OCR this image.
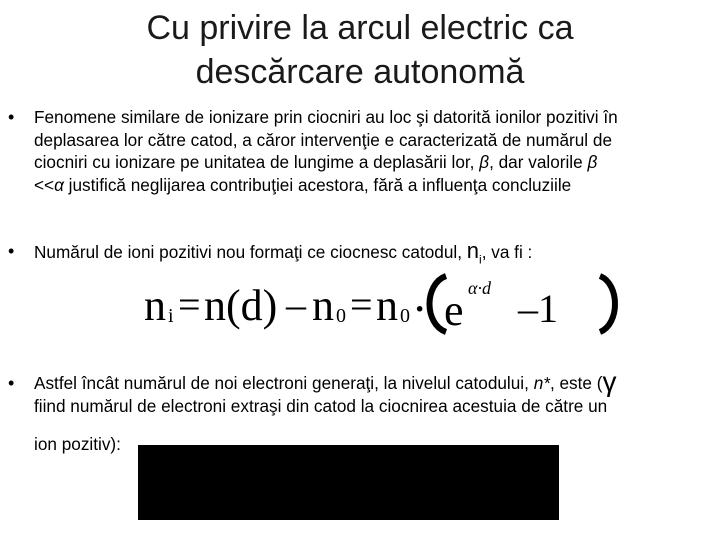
Cu privire la arcul electric ca
descărcare autonomă
• Fenomene similare de ionizare prin ciocniri au loc şi datorită ionilor pozitivi în
deplasarea lor către catod, a căror intervenţie e caracterizată de numărul de
ciocniri cu ionizare pe unitatea de lungime a deplasării lor, β, dar valorile β
<<α justifică neglijarea contribuţiei acestora, fără a influenţa concluziile
• Numărul de ioni pozitivi nou formaţi ce ciocnesc catodul, $n_i$, va fi :
n i = n(d) – n 0 = n 0 · e α·d –1
• Astfel încât numărul de noi electroni generaţi, la nivelul catodului, n*, este (γ
fiind numărul de electroni extraşi din catod la ciocnirea acestuia de către un
ion pozitiv):
